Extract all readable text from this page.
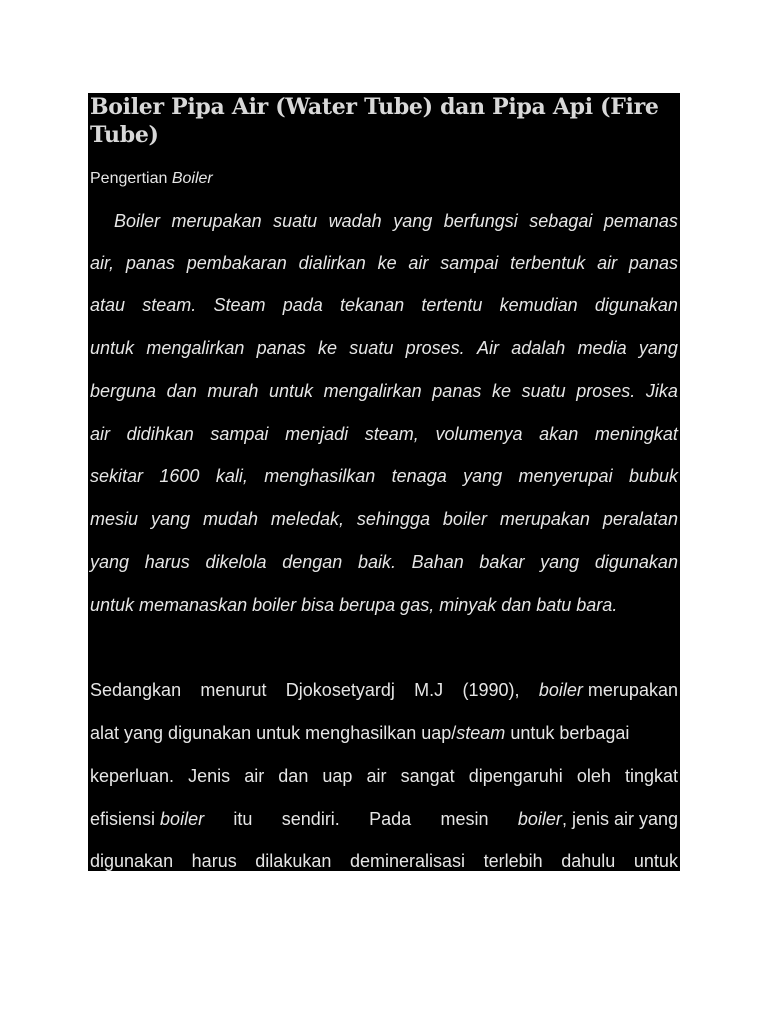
Boiler Pipa Air (Water Tube) dan Pipa Api (Fire Tube)

Pengertian Boiler

Boiler merupakan suatu wadah yang berfungsi sebagai pemanas
air, panas pembakaran dialirkan ke air sampai terbentuk air panas
atau steam. Steam pada tekanan tertentu kemudian digunakan
untuk mengalirkan panas ke suatu proses. Air adalah media yang
berguna dan murah untuk mengalirkan panas ke suatu proses. Jika
air didihkan sampai menjadi steam, volumenya akan meningkat
sekitar 1600 kali, menghasilkan tenaga yang menyerupai bubuk
mesiu yang mudah meledak, sehingga boiler merupakan peralatan
yang harus dikelola dengan baik. Bahan bakar yang digunakan
untuk memanaskan boiler bisa berupa gas, minyak dan batu bara.
Sedangkan menurut Djokosetyardj M.J (1990), boiler merupakan
alat yang digunakan untuk menghasilkan uap/steam untuk berbagai
keperluan. Jenis air dan uap air sangat dipengaruhi oleh tingkat
efisiensi boiler itu sendiri. Pada mesin boiler, jenis air yang
digunakan harus dilakukan demineralisasi terlebih dahulu untuk
